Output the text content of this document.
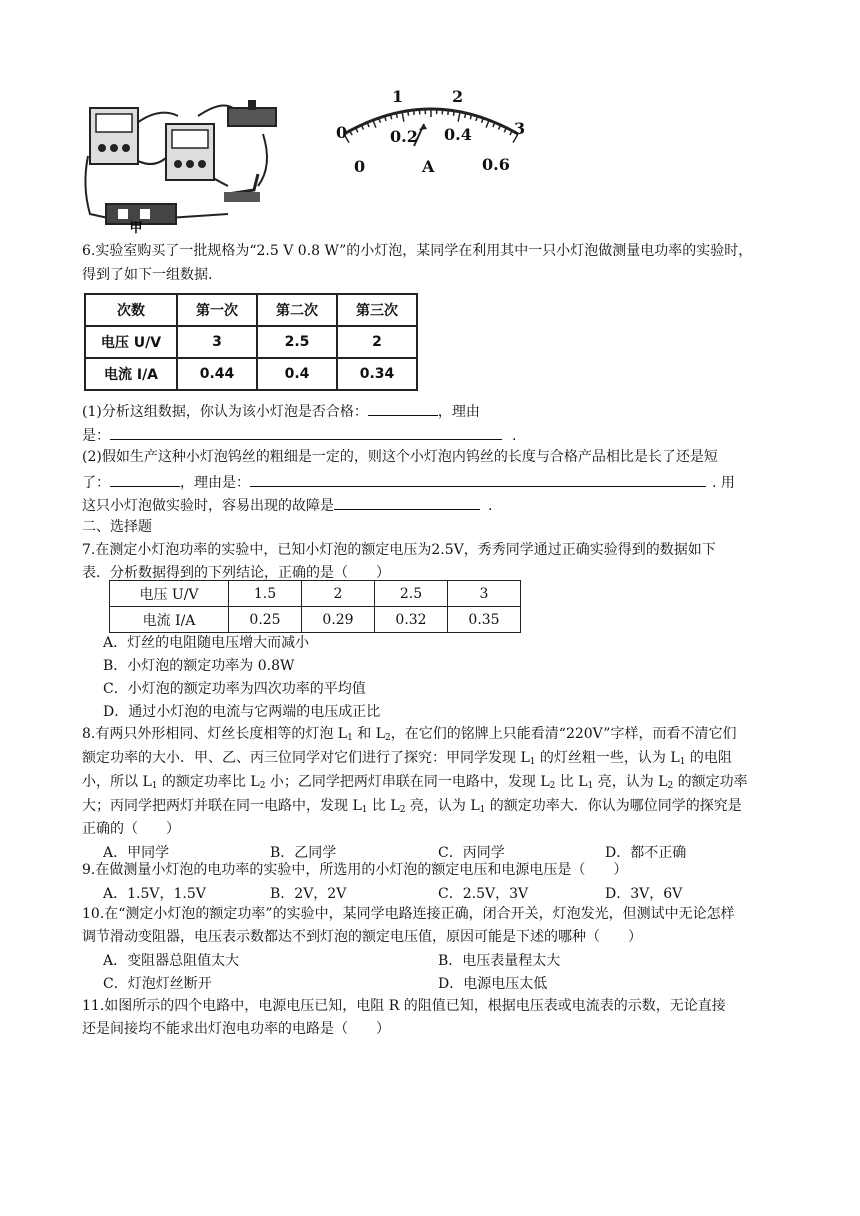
甲
0
1	2
3
0
0.2 0.4
0.6
A
6.实验室购买了一批规格为“2.5 V 0.8 W”的小灯泡，某同学在利用其中一只小灯泡做测量电功率的实验时，
得到了如下一组数据.
次数	第一次	第二次	第三次
电压 U/V	3	2.5	2
电流 I/A	0.44	0.4	0.34
(1)分析这组数据，你认为该小灯泡是否合格：	，理由
是：	.
(2)假如生产这种小灯泡钨丝的粗细是一定的，则这个小灯泡内钨丝的长度与合格产品相比是长了还是短
了：	，理由是：	. 用
这只小灯泡做实验时，容易出现的故障是	.
二、选择题
7.在测定小灯泡功率的实验中，已知小灯泡的额定电压为2.5V，秀秀同学通过正确实验得到的数据如下
表．分析数据得到的下列结论，正确的是（　　）
电压 U/V	1.5	2	2.5	3
电流 I/A	0.25	0.29	0.32	0.35
A．灯丝的电阻随电压增大而减小
B．小灯泡的额定功率为 0.8W
C．小灯泡的额定功率为四次功率的平均值
D．通过小灯泡的电流与它两端的电压成正比
8.有两只外形相同、灯丝长度相等的灯泡 $L_1$ 和 $L_2$，在它们的铭牌上只能看清“220V”字样，而看不清它们
额定功率的大小．甲、乙、丙三位同学对它们进行了探究：甲同学发现 $L_1$ 的灯丝粗一些，认为 $L_1$ 的电阻
小，所以 $L_1$ 的额定功率比 $L_2$ 小；乙同学把两灯串联在同一电路中，发现 $L_2$ 比 $L_1$ 亮，认为 $L_2$ 的额定功率
大；丙同学把两灯并联在同一电路中，发现 $L_1$ 比 $L_2$ 亮，认为 $L_1$ 的额定功率大．你认为哪位同学的探究是
正确的（　　）
A．甲同学	B．乙同学	C．丙同学	D．都不正确
9.在做测量小灯泡的电功率的实验中，所选用的小灯泡的额定电压和电源电压是（　　）
A．1.5V，1.5V	B．2V，2V	C．2.5V，3V	D．3V，6V
10.在“测定小灯泡的额定功率”的实验中，某同学电路连接正确，闭合开关，灯泡发光，但测试中无论怎样
调节滑动变阻器，电压表示数都达不到灯泡的额定电压值，原因可能是下述的哪种（　　）
A．变阻器总阻值太大	B．电压表量程太大
C．灯泡灯丝断开	D．电源电压太低
11.如图所示的四个电路中，电源电压已知，电阻 R 的阻值已知，根据电压表或电流表的示数，无论直接
还是间接均不能求出灯泡电功率的电路是（　　）
